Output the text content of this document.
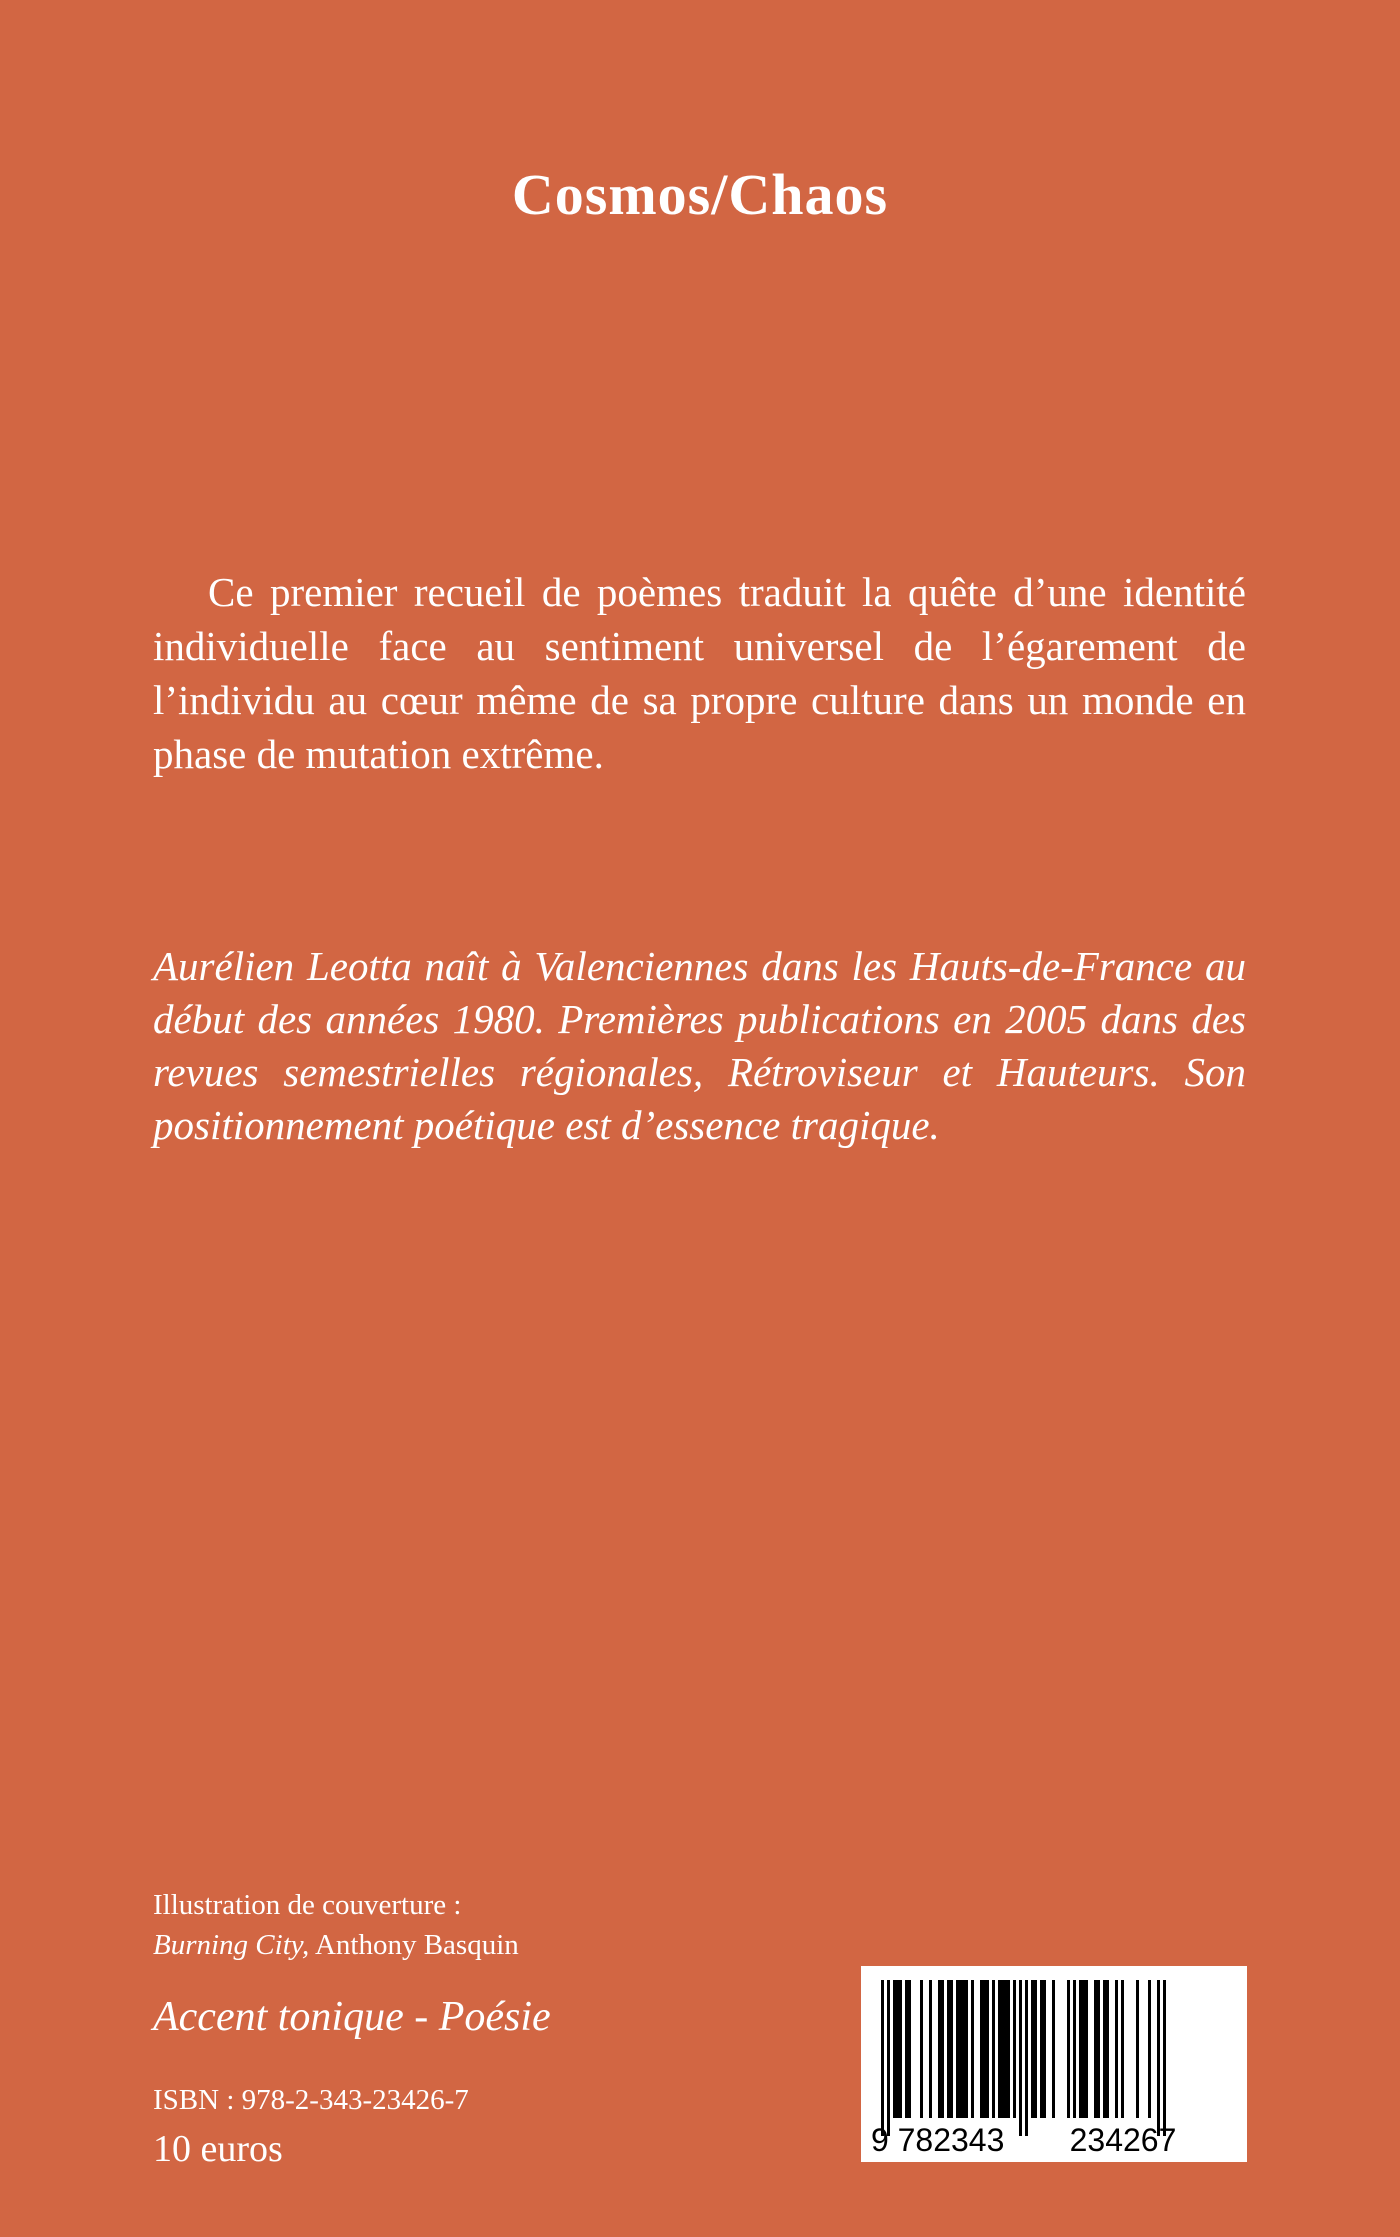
Cosmos/Chaos

Ce premier recueil de poèmes traduit la quête d’une identité individuelle face au sentiment universel de l’égarement de l’individu au cœur même de sa propre culture dans un monde en phase de mutation extrême.

Aurélien Leotta naît à Valenciennes dans les Hauts-de-France au début des années 1980. Premières publications en 2005 dans des revues semestrielles régionales, Rétroviseur et Hauteurs. Son positionnement poétique est d’essence tragique.

Illustration de couverture :
Burning City, Anthony Basquin
Accent tonique - Poésie
ISBN : 978-2-343-23426-7
10 euros	9 782343 234267
